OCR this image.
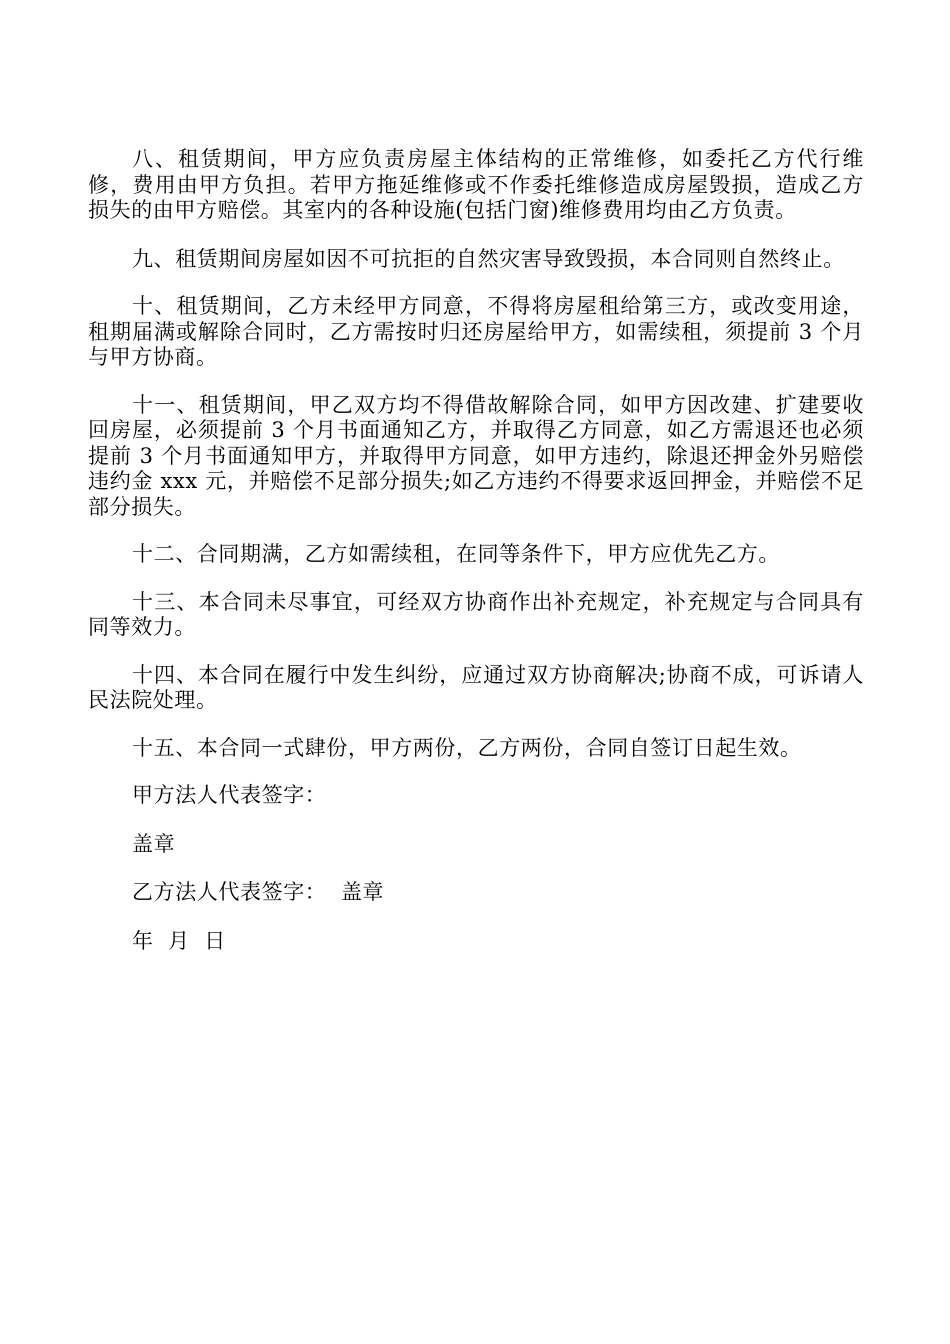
八、租赁期间，甲方应负责房屋主体结构的正常维修，如委托乙方代行维修，费用由甲方负担。若甲方拖延维修或不作委托维修造成房屋毁损，造成乙方损失的由甲方赔偿。其室内的各种设施(包括门窗)维修费用均由乙方负责。

九、租赁期间房屋如因不可抗拒的自然灾害导致毁损，本合同则自然终止。

十、租赁期间，乙方未经甲方同意，不得将房屋租给第三方，或改变用途，租期届满或解除合同时，乙方需按时归还房屋给甲方，如需续租，须提前 3 个月与甲方协商。

十一、租赁期间，甲乙双方均不得借故解除合同，如甲方因改建、扩建要收回房屋，必须提前 3 个月书面通知乙方，并取得乙方同意，如乙方需退还也必须提前 3 个月书面通知甲方，并取得甲方同意，如甲方违约，除退还押金外另赔偿违约金 xxx 元，并赔偿不足部分损失;如乙方违约不得要求返回押金，并赔偿不足部分损失。

十二、合同期满，乙方如需续租，在同等条件下，甲方应优先乙方。

十三、本合同未尽事宜，可经双方协商作出补充规定，补充规定与合同具有同等效力。

十四、本合同在履行中发生纠纷，应通过双方协商解决;协商不成，可诉请人民法院处理。

十五、本合同一式肆份，甲方两份，乙方两份，合同自签订日起生效。

甲方法人代表签字：
盖章
乙方法人代表签字：  盖章
年  月  日
